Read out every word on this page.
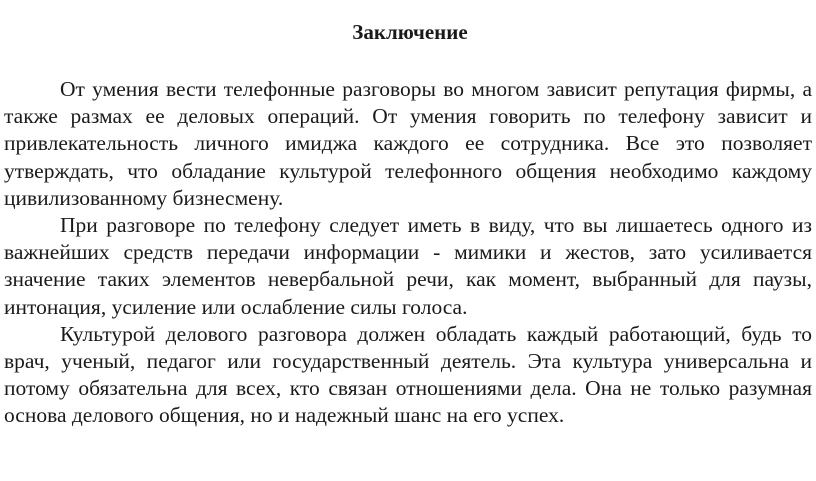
Заключение

От умения вести телефонные разговоры во многом зависит репутация фирмы, а также размах ее деловых операций. От умения говорить по телефону зависит и привлекательность личного имиджа каждого ее сотрудника. Все это позволяет утверждать, что обладание культурой телефонного общения необходимо каждому цивилизованному бизнесмену.

При разговоре по телефону следует иметь в виду, что вы лишаетесь одного из важнейших средств передачи информации - мимики и жестов, зато усиливается значение таких элементов невербальной речи, как момент, выбранный для паузы, интонация, усиление или ослабление силы голоса.

Культурой делового разговора должен обладать каждый работающий, будь то врач, ученый, педагог или государственный деятель. Эта культура универсальна и потому обязательна для всех, кто связан отношениями дела. Она не только разумная основа делового общения, но и надежный шанс на его успех.
